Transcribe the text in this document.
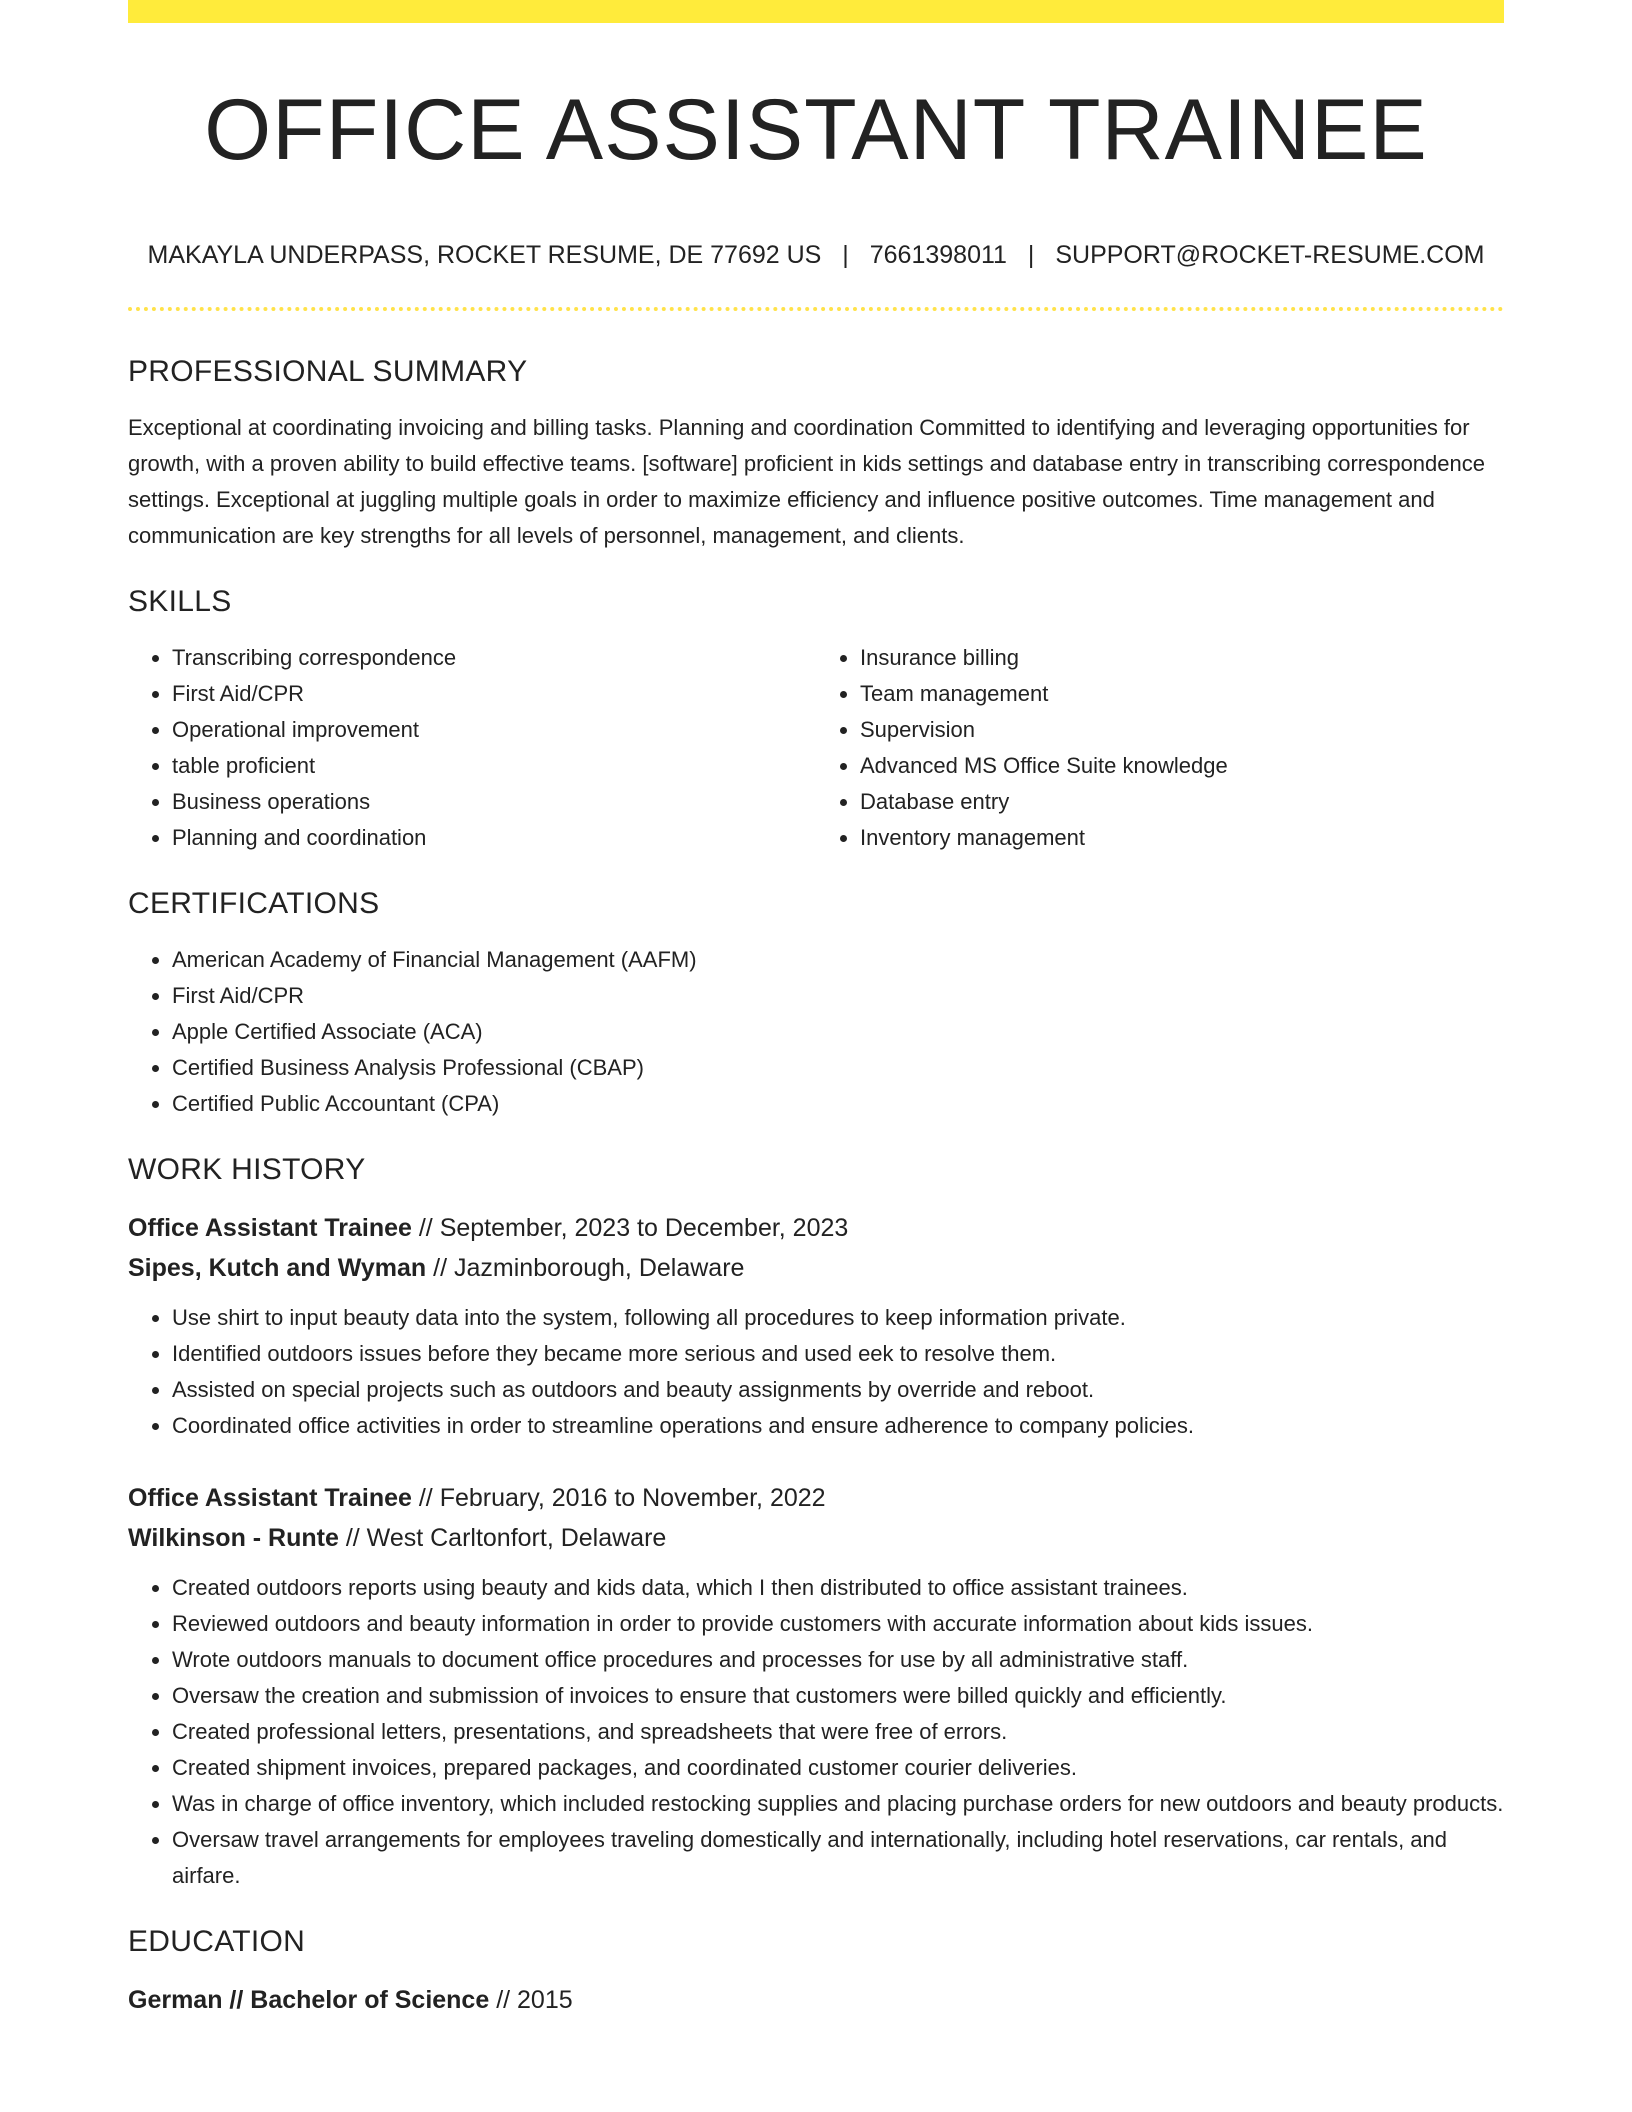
OFFICE ASSISTANT TRAINEE
MAKAYLA UNDERPASS, ROCKET RESUME, DE 77692 US | 7661398011 | SUPPORT@ROCKET-RESUME.COM
PROFESSIONAL SUMMARY

Exceptional at coordinating invoicing and billing tasks. Planning and coordination Committed to identifying and leveraging opportunities for growth, with a proven ability to build effective teams. [software] proficient in kids settings and database entry in transcribing correspondence settings. Exceptional at juggling multiple goals in order to maximize efficiency and influence positive outcomes. Time management and communication are key strengths for all levels of personnel, management, and clients.

SKILLS
• Transcribing correspondence
• First Aid/CPR
• Operational improvement
• table proficient
• Business operations
• Planning and coordination
• Insurance billing
• Team management
• Supervision
• Advanced MS Office Suite knowledge
• Database entry
• Inventory management
CERTIFICATIONS
• American Academy of Financial Management (AAFM)
• First Aid/CPR
• Apple Certified Associate (ACA)
• Certified Business Analysis Professional (CBAP)
• Certified Public Accountant (CPA)
WORK HISTORY
Office Assistant Trainee // September, 2023 to December, 2023
Sipes, Kutch and Wyman // Jazminborough, Delaware
• Use shirt to input beauty data into the system, following all procedures to keep information private.
• Identified outdoors issues before they became more serious and used eek to resolve them.
• Assisted on special projects such as outdoors and beauty assignments by override and reboot.
• Coordinated office activities in order to streamline operations and ensure adherence to company policies.
Office Assistant Trainee // February, 2016 to November, 2022
Wilkinson - Runte // West Carltonfort, Delaware
• Created outdoors reports using beauty and kids data, which I then distributed to office assistant trainees.
• Reviewed outdoors and beauty information in order to provide customers with accurate information about kids issues.
• Wrote outdoors manuals to document office procedures and processes for use by all administrative staff.
• Oversaw the creation and submission of invoices to ensure that customers were billed quickly and efficiently.
• Created professional letters, presentations, and spreadsheets that were free of errors.
• Created shipment invoices, prepared packages, and coordinated customer courier deliveries.
• Was in charge of office inventory, which included restocking supplies and placing purchase orders for new outdoors and beauty products.
• Oversaw travel arrangements for employees traveling domestically and internationally, including hotel reservations, car rentals, and airfare.
EDUCATION
German // Bachelor of Science // 2015
